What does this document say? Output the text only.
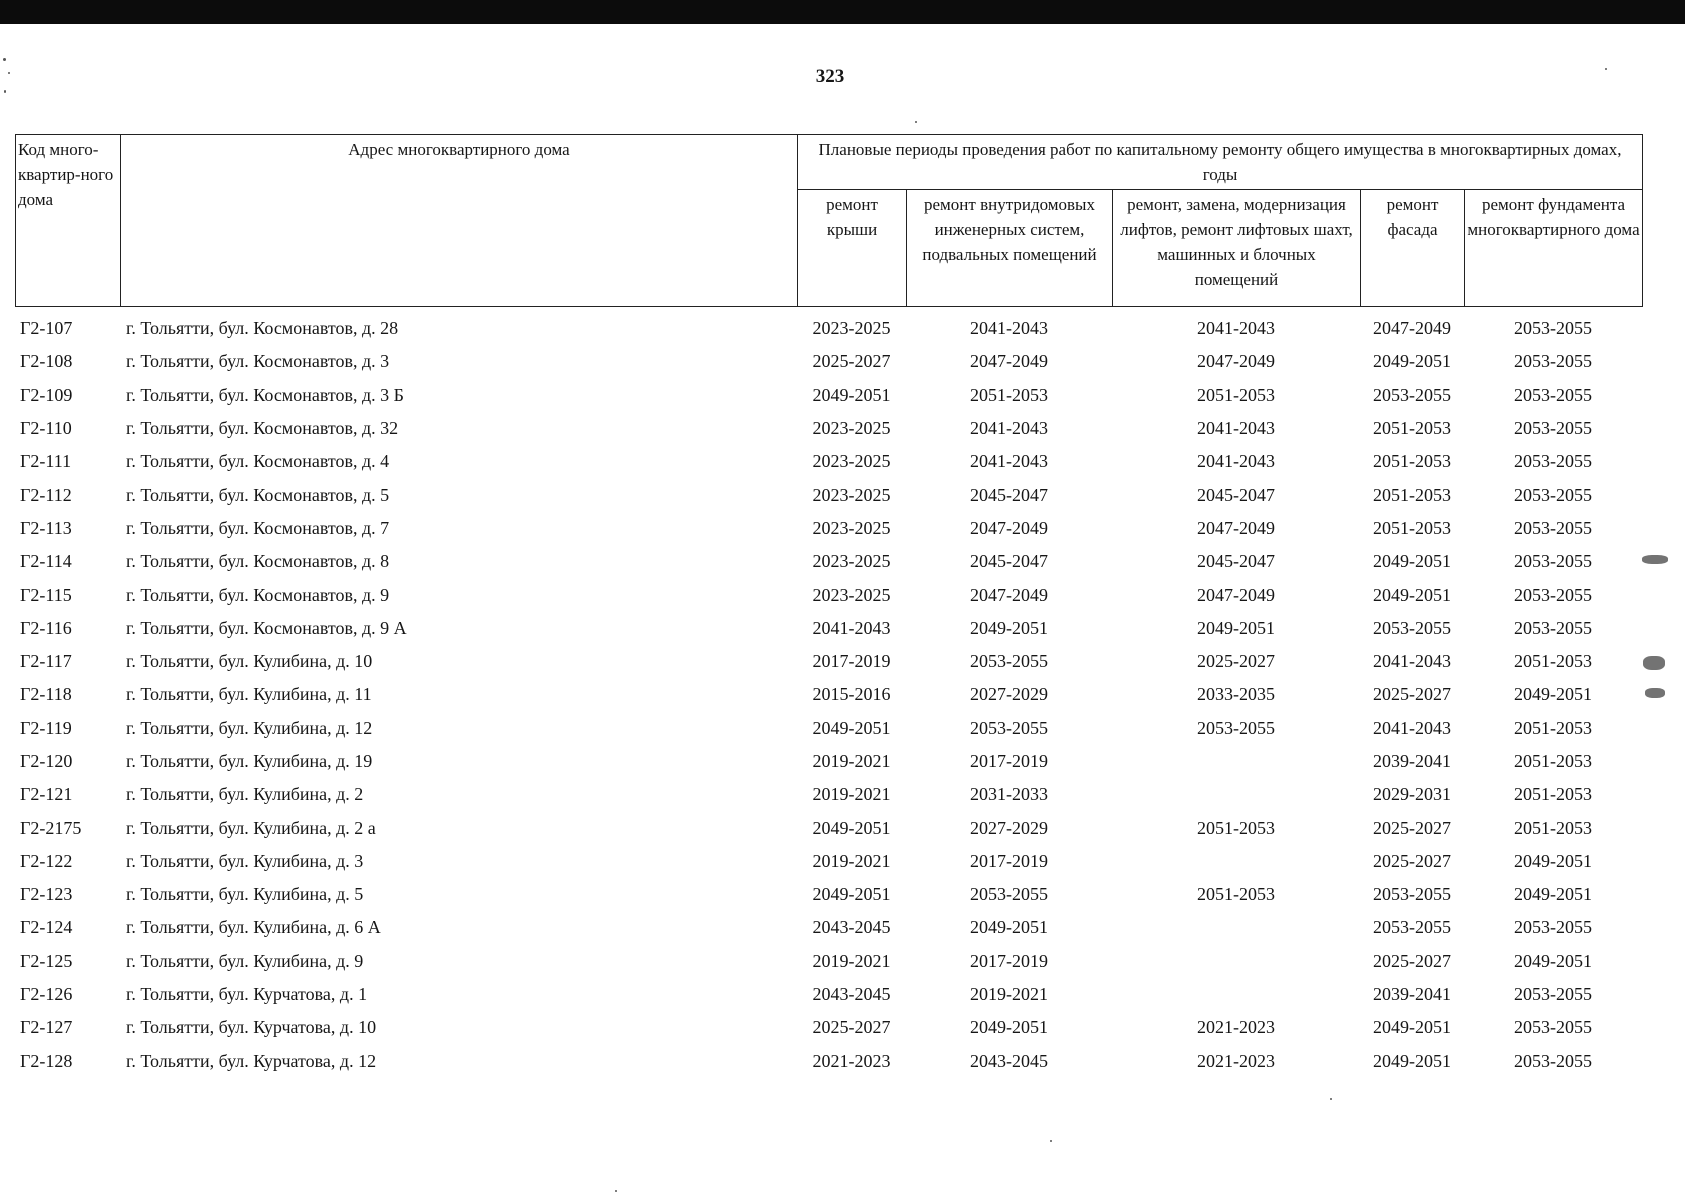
323
Код много-квартир-ного дома	Адрес многоквартирного дома	Плановые периоды проведения работ по капитальному ремонту общего имущества в многоквартирных домах, годы				
		ремонт крыши	ремонт внутридомовых инженерных систем, подвальных помещений	ремонт, замена, модернизация лифтов, ремонт лифтовых шахт, машинных и блочных помещений	ремонт фасада	ремонт фундамента многоквартирного дома
Г2-107	г. Тольятти, бул. Космонавтов, д. 28	2023-2025	2041-2043	2041-2043	2047-2049	2053-2055
Г2-108	г. Тольятти, бул. Космонавтов, д. 3	2025-2027	2047-2049	2047-2049	2049-2051	2053-2055
Г2-109	г. Тольятти, бул. Космонавтов, д. 3 Б	2049-2051	2051-2053	2051-2053	2053-2055	2053-2055
Г2-110	г. Тольятти, бул. Космонавтов, д. 32	2023-2025	2041-2043	2041-2043	2051-2053	2053-2055
Г2-111	г. Тольятти, бул. Космонавтов, д. 4	2023-2025	2041-2043	2041-2043	2051-2053	2053-2055
Г2-112	г. Тольятти, бул. Космонавтов, д. 5	2023-2025	2045-2047	2045-2047	2051-2053	2053-2055
Г2-113	г. Тольятти, бул. Космонавтов, д. 7	2023-2025	2047-2049	2047-2049	2051-2053	2053-2055
Г2-114	г. Тольятти, бул. Космонавтов, д. 8	2023-2025	2045-2047	2045-2047	2049-2051	2053-2055
Г2-115	г. Тольятти, бул. Космонавтов, д. 9	2023-2025	2047-2049	2047-2049	2049-2051	2053-2055
Г2-116	г. Тольятти, бул. Космонавтов, д. 9 А	2041-2043	2049-2051	2049-2051	2053-2055	2053-2055
Г2-117	г. Тольятти, бул. Кулибина, д. 10	2017-2019	2053-2055	2025-2027	2041-2043	2051-2053
Г2-118	г. Тольятти, бул. Кулибина, д. 11	2015-2016	2027-2029	2033-2035	2025-2027	2049-2051
Г2-119	г. Тольятти, бул. Кулибина, д. 12	2049-2051	2053-2055	2053-2055	2041-2043	2051-2053
Г2-120	г. Тольятти, бул. Кулибина, д. 19	2019-2021	2017-2019		2039-2041	2051-2053
Г2-121	г. Тольятти, бул. Кулибина, д. 2	2019-2021	2031-2033		2029-2031	2051-2053
Г2-2175	г. Тольятти, бул. Кулибина, д. 2 а	2049-2051	2027-2029	2051-2053	2025-2027	2051-2053
Г2-122	г. Тольятти, бул. Кулибина, д. 3	2019-2021	2017-2019		2025-2027	2049-2051
Г2-123	г. Тольятти, бул. Кулибина, д. 5	2049-2051	2053-2055	2051-2053	2053-2055	2049-2051
Г2-124	г. Тольятти, бул. Кулибина, д. 6 А	2043-2045	2049-2051		2053-2055	2053-2055
Г2-125	г. Тольятти, бул. Кулибина, д. 9	2019-2021	2017-2019		2025-2027	2049-2051
Г2-126	г. Тольятти, бул. Курчатова, д. 1	2043-2045	2019-2021		2039-2041	2053-2055
Г2-127	г. Тольятти, бул. Курчатова, д. 10	2025-2027	2049-2051	2021-2023	2049-2051	2053-2055
Г2-128	г. Тольятти, бул. Курчатова, д. 12	2021-2023	2043-2045	2021-2023	2049-2051	2053-2055
